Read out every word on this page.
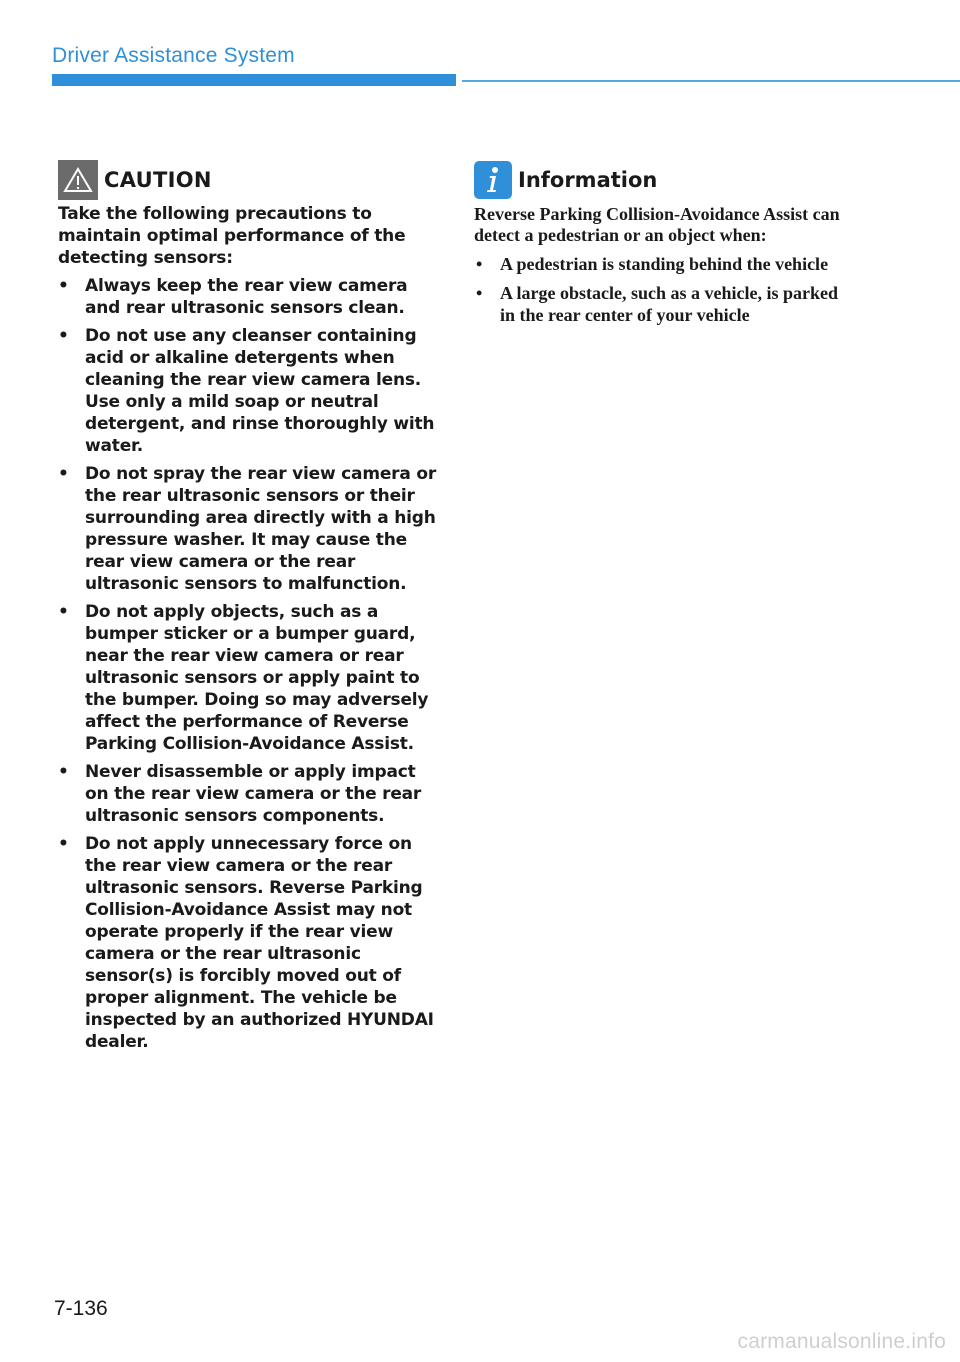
Driver Assistance System
CAUTION

Take the following precautions to maintain optimal performance of the detecting sensors:

• Always keep the rear view camera and rear ultrasonic sensors clean.
• Do not use any cleanser containing acid or alkaline detergents when cleaning the rear view camera lens. Use only a mild soap or neutral detergent, and rinse thoroughly with water.
• Do not spray the rear view camera or the rear ultrasonic sensors or their surrounding area directly with a high pressure washer. It may cause the rear view camera or the rear ultrasonic sensors to malfunction.
• Do not apply objects, such as a bumper sticker or a bumper guard, near the rear view camera or rear ultrasonic sensors or apply paint to the bumper. Doing so may adversely affect the performance of Reverse Parking Collision-Avoidance Assist.
• Never disassemble or apply impact on the rear view camera or the rear ultrasonic sensors components.
• Do not apply unnecessary force on the rear view camera or the rear ultrasonic sensors. Reverse Parking Collision-Avoidance Assist may not operate properly if the rear view camera or the rear ultrasonic sensor(s) is forcibly moved out of proper alignment. The vehicle be inspected by an authorized HYUNDAI dealer.
Information

Reverse Parking Collision-Avoidance Assist can detect a pedestrian or an object when:

• A pedestrian is standing behind the vehicle
• A large obstacle, such as a vehicle, is parked in the rear center of your vehicle
7-136
carmanualsonline.info
